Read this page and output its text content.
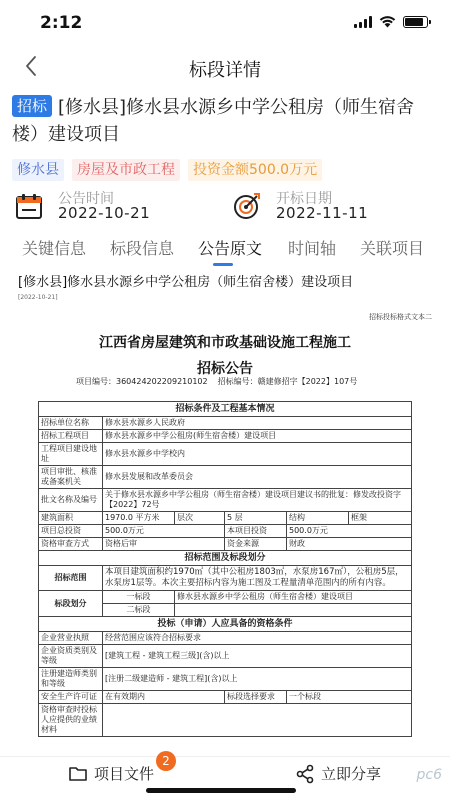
2:12
标段详情
招标 [修水县]修水县水源乡中学公租房（师生宿舍楼）建设项目
修水县	房屋及市政工程	投资金额500.0万元
公告时间
2022-10-21
开标日期
2022-11-11
关键信息 标段信息 公告原文 时间轴 关联项目
[修水县]修水县水源乡中学公租房（师生宿舍楼）建设项目
[2022-10-21]
招标投标格式文本二
江西省房屋建筑和市政基础设施工程施工
招标公告
项目编号：360424202209210102 招标编号：赣建修招字【2022】107号
招标条件及工程基本情况					
招标单位名称	修水县水源乡人民政府				
招标工程项目	修水县水源乡中学公租房(师生宿舍楼）建设项目				
工程项目建设地址	修水县水源乡中学校内				
项目审批、核准或备案机关	修水县发展和改革委员会				
批文名称及编号	关于修水县水源乡中学公租房（师生宿舍楼）建设项目建议书的批复：修发改投资字【2022】72号				
建筑面积	1970.0 平方米	层次	5 层	结构	框架
项目总投资	500.0万元		本项目投资	500.0万元	
资格审查方式	资格后审		资金来源	财政	
招标范围及标段划分					
招标范围	本项目建筑面积约1970㎡（其中公租房1803㎡，水泵房167㎡），公租房5层，水泵房1层等。本次主要招标内容为施工图及工程量清单范围内的所有内容。				
标段划分	一标段	修水县水源乡中学公租房（师生宿舍楼）建设项目			
	二标段				
投标（申请）人应具备的资格条件					
企业营业执照	经营范围应该符合招标要求				
企业资质类别及等级	[建筑工程 - 建筑工程三级](含)以上				
注册建造师类别和等级	[注册二级建造师 - 建筑工程](含)以上				
安全生产许可证	在有效期内		标段选择要求	一个标段	
资格审查时投标人应提供的业绩材料					
项目文件
2
立即分享	pc6
